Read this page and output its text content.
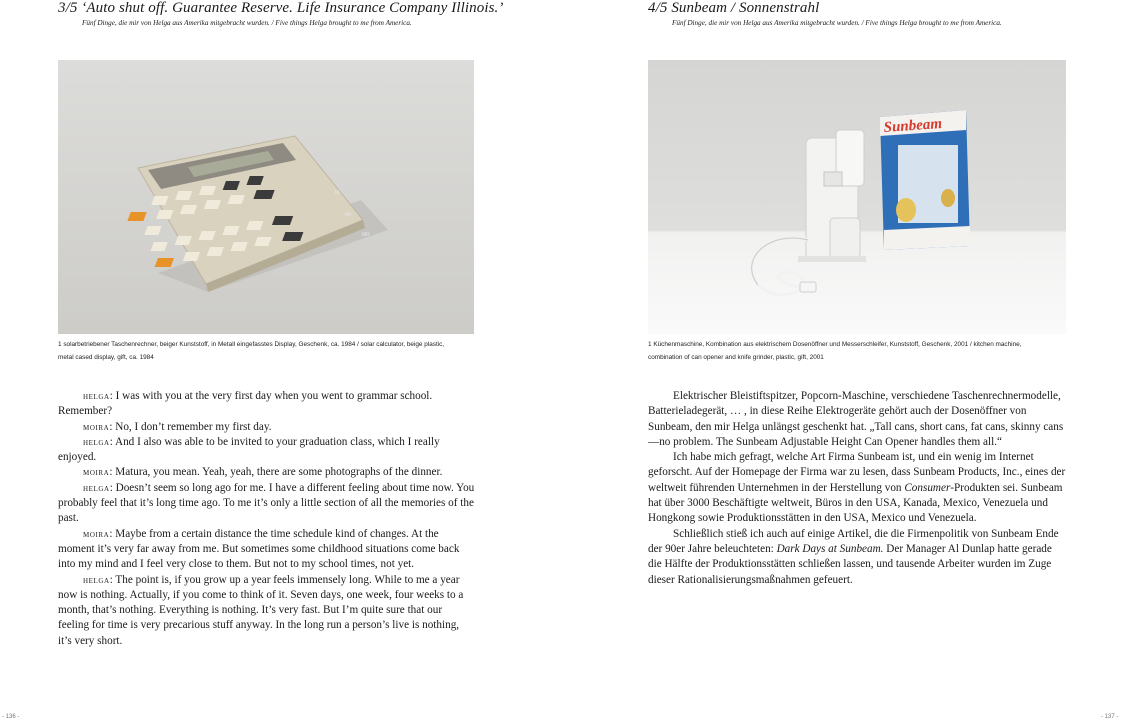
3/5 ‘Auto shut off. Guarantee Reserve. Life Insurance Company Illinois.’
Fünf Dinge, die mir von Helga aus Amerika mitgebracht wurden. / Five things Helga brought to me from America.
M-
M+
MR
1 solarbetriebener Taschenrechner, beiger Kunststoff, in Metall eingefasstes Display, Geschenk, ca. 1984 / solar calculator, beige plastic,
metal cased display, gift, ca. 1984

helga: I was with you at the very first day when you went to grammar school. Remember?

moira: No, I don’t remember my first day.

helga: And I also was able to be invited to your graduation class, which I really enjoyed.

moira: Matura, you mean. Yeah, yeah, there are some photographs of the dinner.

helga: Doesn’t seem so long ago for me. I have a different feeling about time now. You probably feel that it’s long time ago. To me it’s only a little section of all the memories of the past.

moira: Maybe from a certain distance the time schedule kind of changes. At the moment it’s very far away from me. But sometimes some childhood situations come back into my mind and I feel very close to them. But not to my school times, not yet.

helga: The point is, if you grow up a year feels immensely long. While to me a year now is nothing. Actually, if you come to think of it. Seven days, one week, four weeks to a month, that’s nothing. Everything is nothing. It’s very fast. But I’m quite sure that our feeling for time is very precarious stuff anyway. In the long run a person’s live is nothing, it’s very short.

- 136 -
4/5 Sunbeam / Sonnenstrahl
Fünf Dinge, die mir von Helga aus Amerika mitgebracht wurden. / Five things Helga brought to me from America.
Sunbeam
1 Küchenmaschine, Kombination aus elektrischem Dosenöffner und Messerschleifer, Kunststoff, Geschenk, 2001 / kitchen machine,
combination of can opener and knife grinder, plastic, gift, 2001

Elektrischer Bleistiftspitzer, Popcorn-Maschine, verschiedene Taschenrechnermodelle, Batterieladegerät, … , in diese Reihe Elektrogeräte gehört auch der Dosenöffner von Sunbeam, den mir Helga unlängst geschenkt hat. „Tall cans, short cans, fat cans, skinny cans—no problem. The Sunbeam Adjustable Height Can Opener handles them all.“

Ich habe mich gefragt, welche Art Firma Sunbeam ist, und ein wenig im Internet geforscht. Auf der Homepage der Firma war zu lesen, dass Sunbeam Products, Inc., eines der weltweit führenden Unternehmen in der Herstellung von Consumer-Produkten sei. Sunbeam hat über 3000 Beschäftigte weltweit, Büros in den USA, Kanada, Mexico, Venezuela und Hongkong sowie Produktionsstätten in den USA, Mexico und Venezuela.

Schließlich stieß ich auch auf einige Artikel, die die Firmenpolitik von Sunbeam Ende der 90er Jahre beleuchteten: Dark Days at Sunbeam. Der Manager Al Dunlap hatte gerade die Hälfte der Produktionsstätten schließen lassen, und tausende Arbeiter wurden im Zuge dieser Rationalisierungsmaßnahmen gefeuert.

- 137 -
